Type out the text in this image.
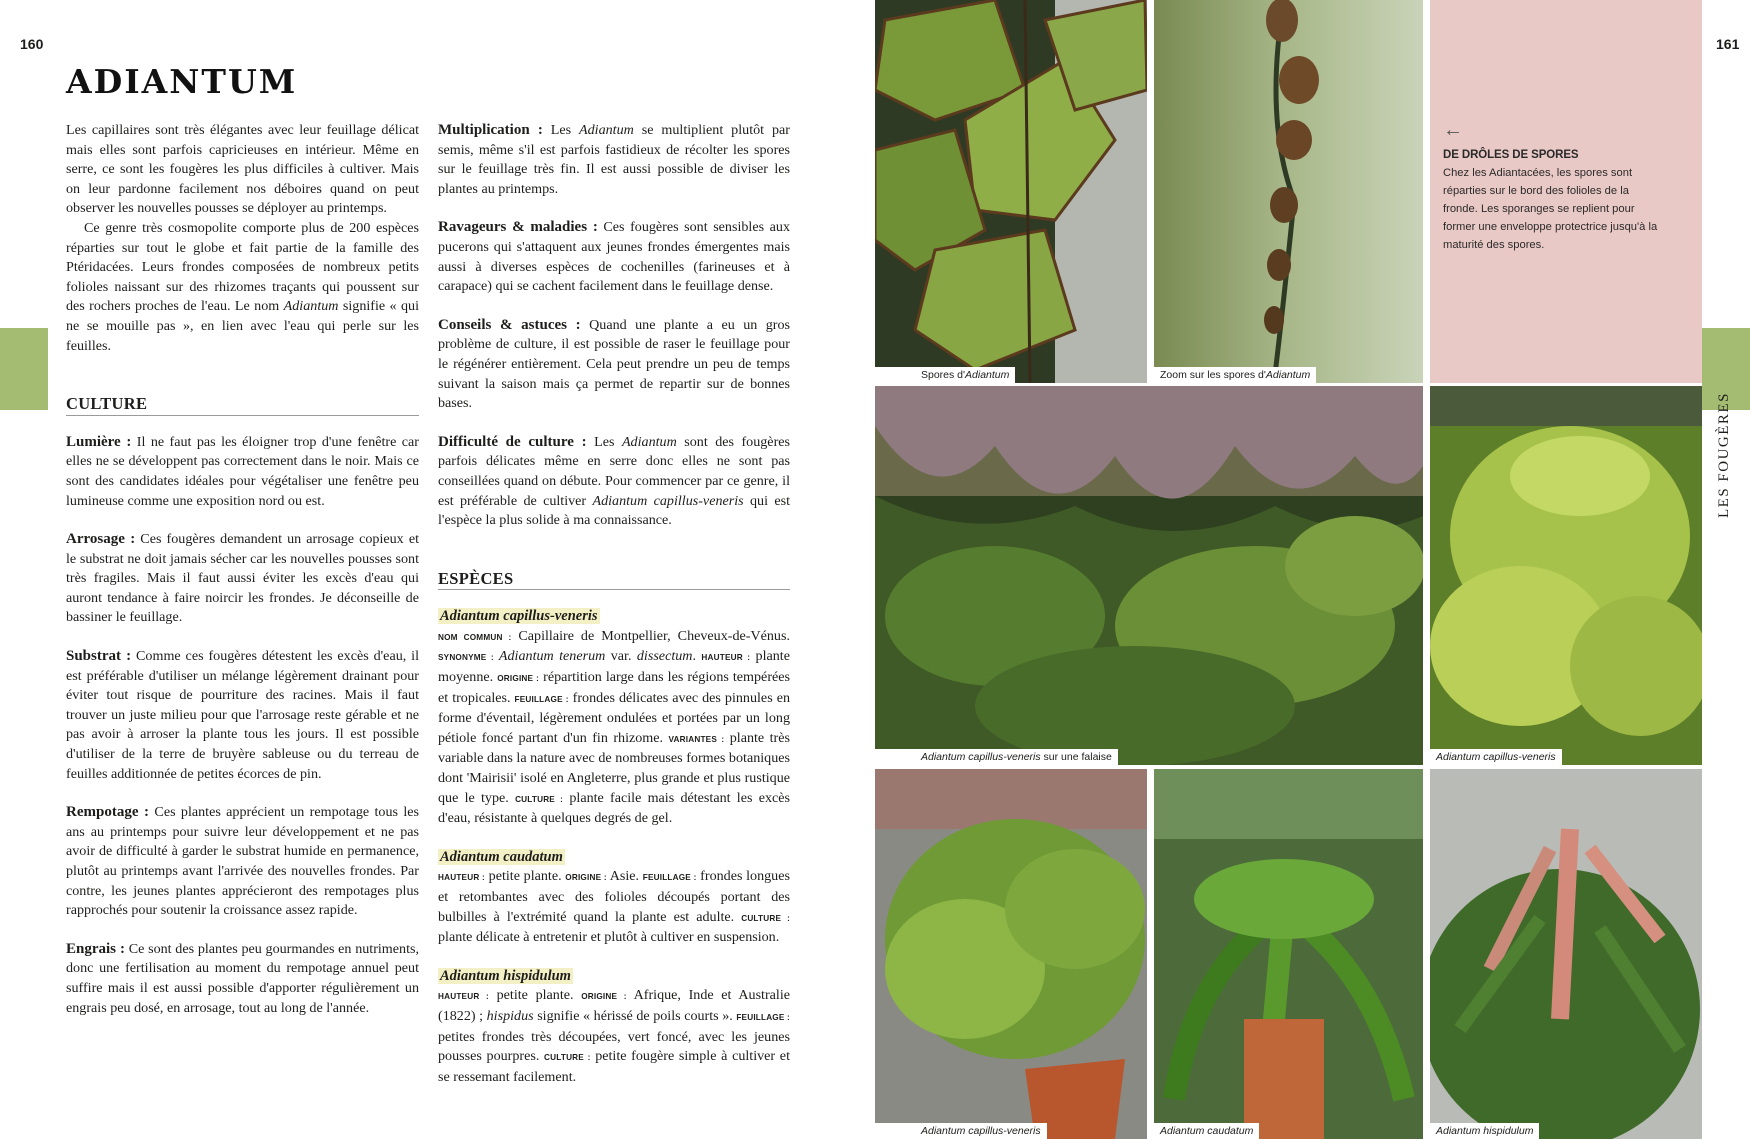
160
ADIANTUM

Les capillaires sont très élégantes avec leur feuillage délicat mais elles sont parfois capricieuses en intérieur. Même en serre, ce sont les fougères les plus difficiles à cultiver. Mais on leur pardonne facilement nos déboires quand on peut observer les nouvelles pousses se déployer au printemps.

Ce genre très cosmopolite comporte plus de 200 espèces réparties sur tout le globe et fait partie de la famille des Ptéridacées. Leurs frondes composées de nombreux petits folioles naissant sur des rhizomes traçants qui poussent sur des rochers proches de l'eau. Le nom Adiantum signifie « qui ne se mouille pas », en lien avec l'eau qui perle sur les feuilles.

CULTURE

Lumière : Il ne faut pas les éloigner trop d'une fenêtre car elles ne se développent pas correctement dans le noir. Mais ce sont des candidates idéales pour végétaliser une fenêtre peu lumineuse comme une exposition nord ou est.

Arrosage : Ces fougères demandent un arrosage copieux et le substrat ne doit jamais sécher car les nouvelles pousses sont très fragiles. Mais il faut aussi éviter les excès d'eau qui auront tendance à faire noircir les frondes. Je déconseille de bassiner le feuillage.

Substrat : Comme ces fougères détestent les excès d'eau, il est préférable d'utiliser un mélange légèrement drainant pour éviter tout risque de pourriture des racines. Mais il faut trouver un juste milieu pour que l'arrosage reste gérable et ne pas avoir à arroser la plante tous les jours. Il est possible d'utiliser de la terre de bruyère sableuse ou du terreau de feuilles additionnée de petites écorces de pin.

Rempotage : Ces plantes apprécient un rempotage tous les ans au printemps pour suivre leur développement et ne pas avoir de difficulté à garder le substrat humide en permanence, plutôt au printemps avant l'arrivée des nouvelles frondes. Par contre, les jeunes plantes apprécieront des rempotages plus rapprochés pour soutenir la croissance assez rapide.

Engrais : Ce sont des plantes peu gourmandes en nutriments, donc une fertilisation au moment du rempotage annuel peut suffire mais il est aussi possible d'apporter régulièrement un engrais peu dosé, en arrosage, tout au long de l'année.

Multiplication : Les Adiantum se multiplient plutôt par semis, même s'il est parfois fastidieux de récolter les spores sur le feuillage très fin. Il est aussi possible de diviser les plantes au printemps.

Ravageurs & maladies : Ces fougères sont sensibles aux pucerons qui s'attaquent aux jeunes frondes émergentes mais aussi à diverses espèces de cochenilles (farineuses et à carapace) qui se cachent facilement dans le feuillage dense.

Conseils & astuces : Quand une plante a eu un gros problème de culture, il est possible de raser le feuillage pour le régénérer entièrement. Cela peut prendre un peu de temps suivant la saison mais ça permet de repartir sur de bonnes bases.

Difficulté de culture : Les Adiantum sont des fougères parfois délicates même en serre donc elles ne sont pas conseillées quand on débute. Pour commencer par ce genre, il est préférable de cultiver Adiantum capillus-veneris qui est l'espèce la plus solide à ma connaissance.

ESPÈCES

Adiantum capillus-veneris

NOM COMMUN : Capillaire de Montpellier, Cheveux-de-Vénus. SYNONYME : Adiantum tenerum var. dissectum. HAUTEUR : plante moyenne. ORIGINE : répartition large dans les régions tempérées et tropicales. FEUILLAGE : frondes délicates avec des pinnules en forme d'éventail, légèrement ondulées et portées par un long pétiole foncé partant d'un fin rhizome. VARIANTES : plante très variable dans la nature avec de nombreuses formes botaniques dont 'Mairisii' isolé en Angleterre, plus grande et plus rustique que le type. CULTURE : plante facile mais détestant les excès d'eau, résistante à quelques degrés de gel.

Adiantum caudatum

HAUTEUR : petite plante. ORIGINE : Asie. FEUILLAGE : frondes longues et retombantes avec des folioles découpés portant des bulbilles à l'extrémité quand la plante est adulte. CULTURE : plante délicate à entretenir et plutôt à cultiver en suspension.

Adiantum hispidulum

HAUTEUR : petite plante. ORIGINE : Afrique, Inde et Australie (1822) ; hispidus signifie « hérissé de poils courts ». FEUILLAGE : petites frondes très découpées, vert foncé, avec les jeunes pousses pourpres. CULTURE : petite fougère simple à cultiver et se ressemant facilement.

161
LES FOUGÈRES
Spores d'Adiantum	Zoom sur les spores d'Adiantum
←
DE DRÔLES DE SPORES
Chez les Adiantacées, les spores sont réparties sur le bord des folioles de la fronde. Les sporanges se replient pour former une enveloppe protectrice jusqu'à la maturité des spores.
Adiantum capillus-veneris sur une falaise	Adiantum capillus-veneris
Adiantum capillus-veneris	Adiantum caudatum	Adiantum hispidulum
